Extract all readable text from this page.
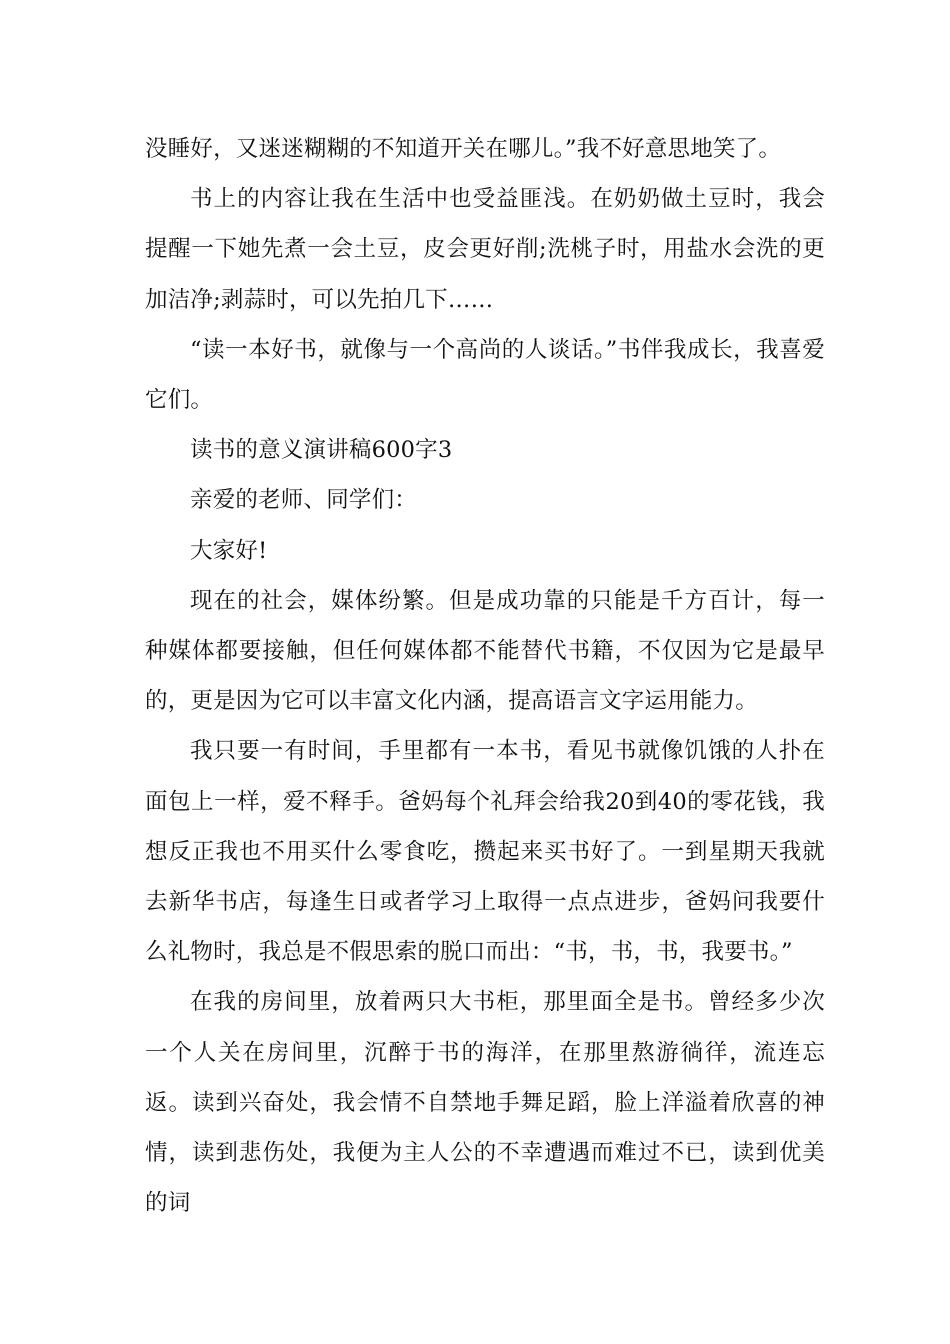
没睡好，又迷迷糊糊的不知道开关在哪儿。”我不好意思地笑了。

书上的内容让我在生活中也受益匪浅。在奶奶做土豆时，我会提醒一下她先煮一会土豆，皮会更好削;洗桃子时，用盐水会洗的更加洁净;剥蒜时，可以先拍几下……

“读一本好书，就像与一个高尚的人谈话。”书伴我成长，我喜爱它们。

读书的意义演讲稿600字3

亲爱的老师、同学们：

大家好!

现在的社会，媒体纷繁。但是成功靠的只能是千方百计，每一种媒体都要接触，但任何媒体都不能替代书籍，不仅因为它是最早的，更是因为它可以丰富文化内涵，提高语言文字运用能力。

我只要一有时间，手里都有一本书，看见书就像饥饿的人扑在面包上一样，爱不释手。爸妈每个礼拜会给我20到40的零花钱，我想反正我也不用买什么零食吃，攒起来买书好了。一到星期天我就去新华书店，每逢生日或者学习上取得一点点进步，爸妈问我要什么礼物时，我总是不假思索的脱口而出：“书，书，书，我要书。”

在我的房间里，放着两只大书柜，那里面全是书。曾经多少次一个人关在房间里，沉醉于书的海洋，在那里熬游徜徉，流连忘返。读到兴奋处，我会情不自禁地手舞足蹈，脸上洋溢着欣喜的神情，读到悲伤处，我便为主人公的不幸遭遇而难过不已，读到优美的词
